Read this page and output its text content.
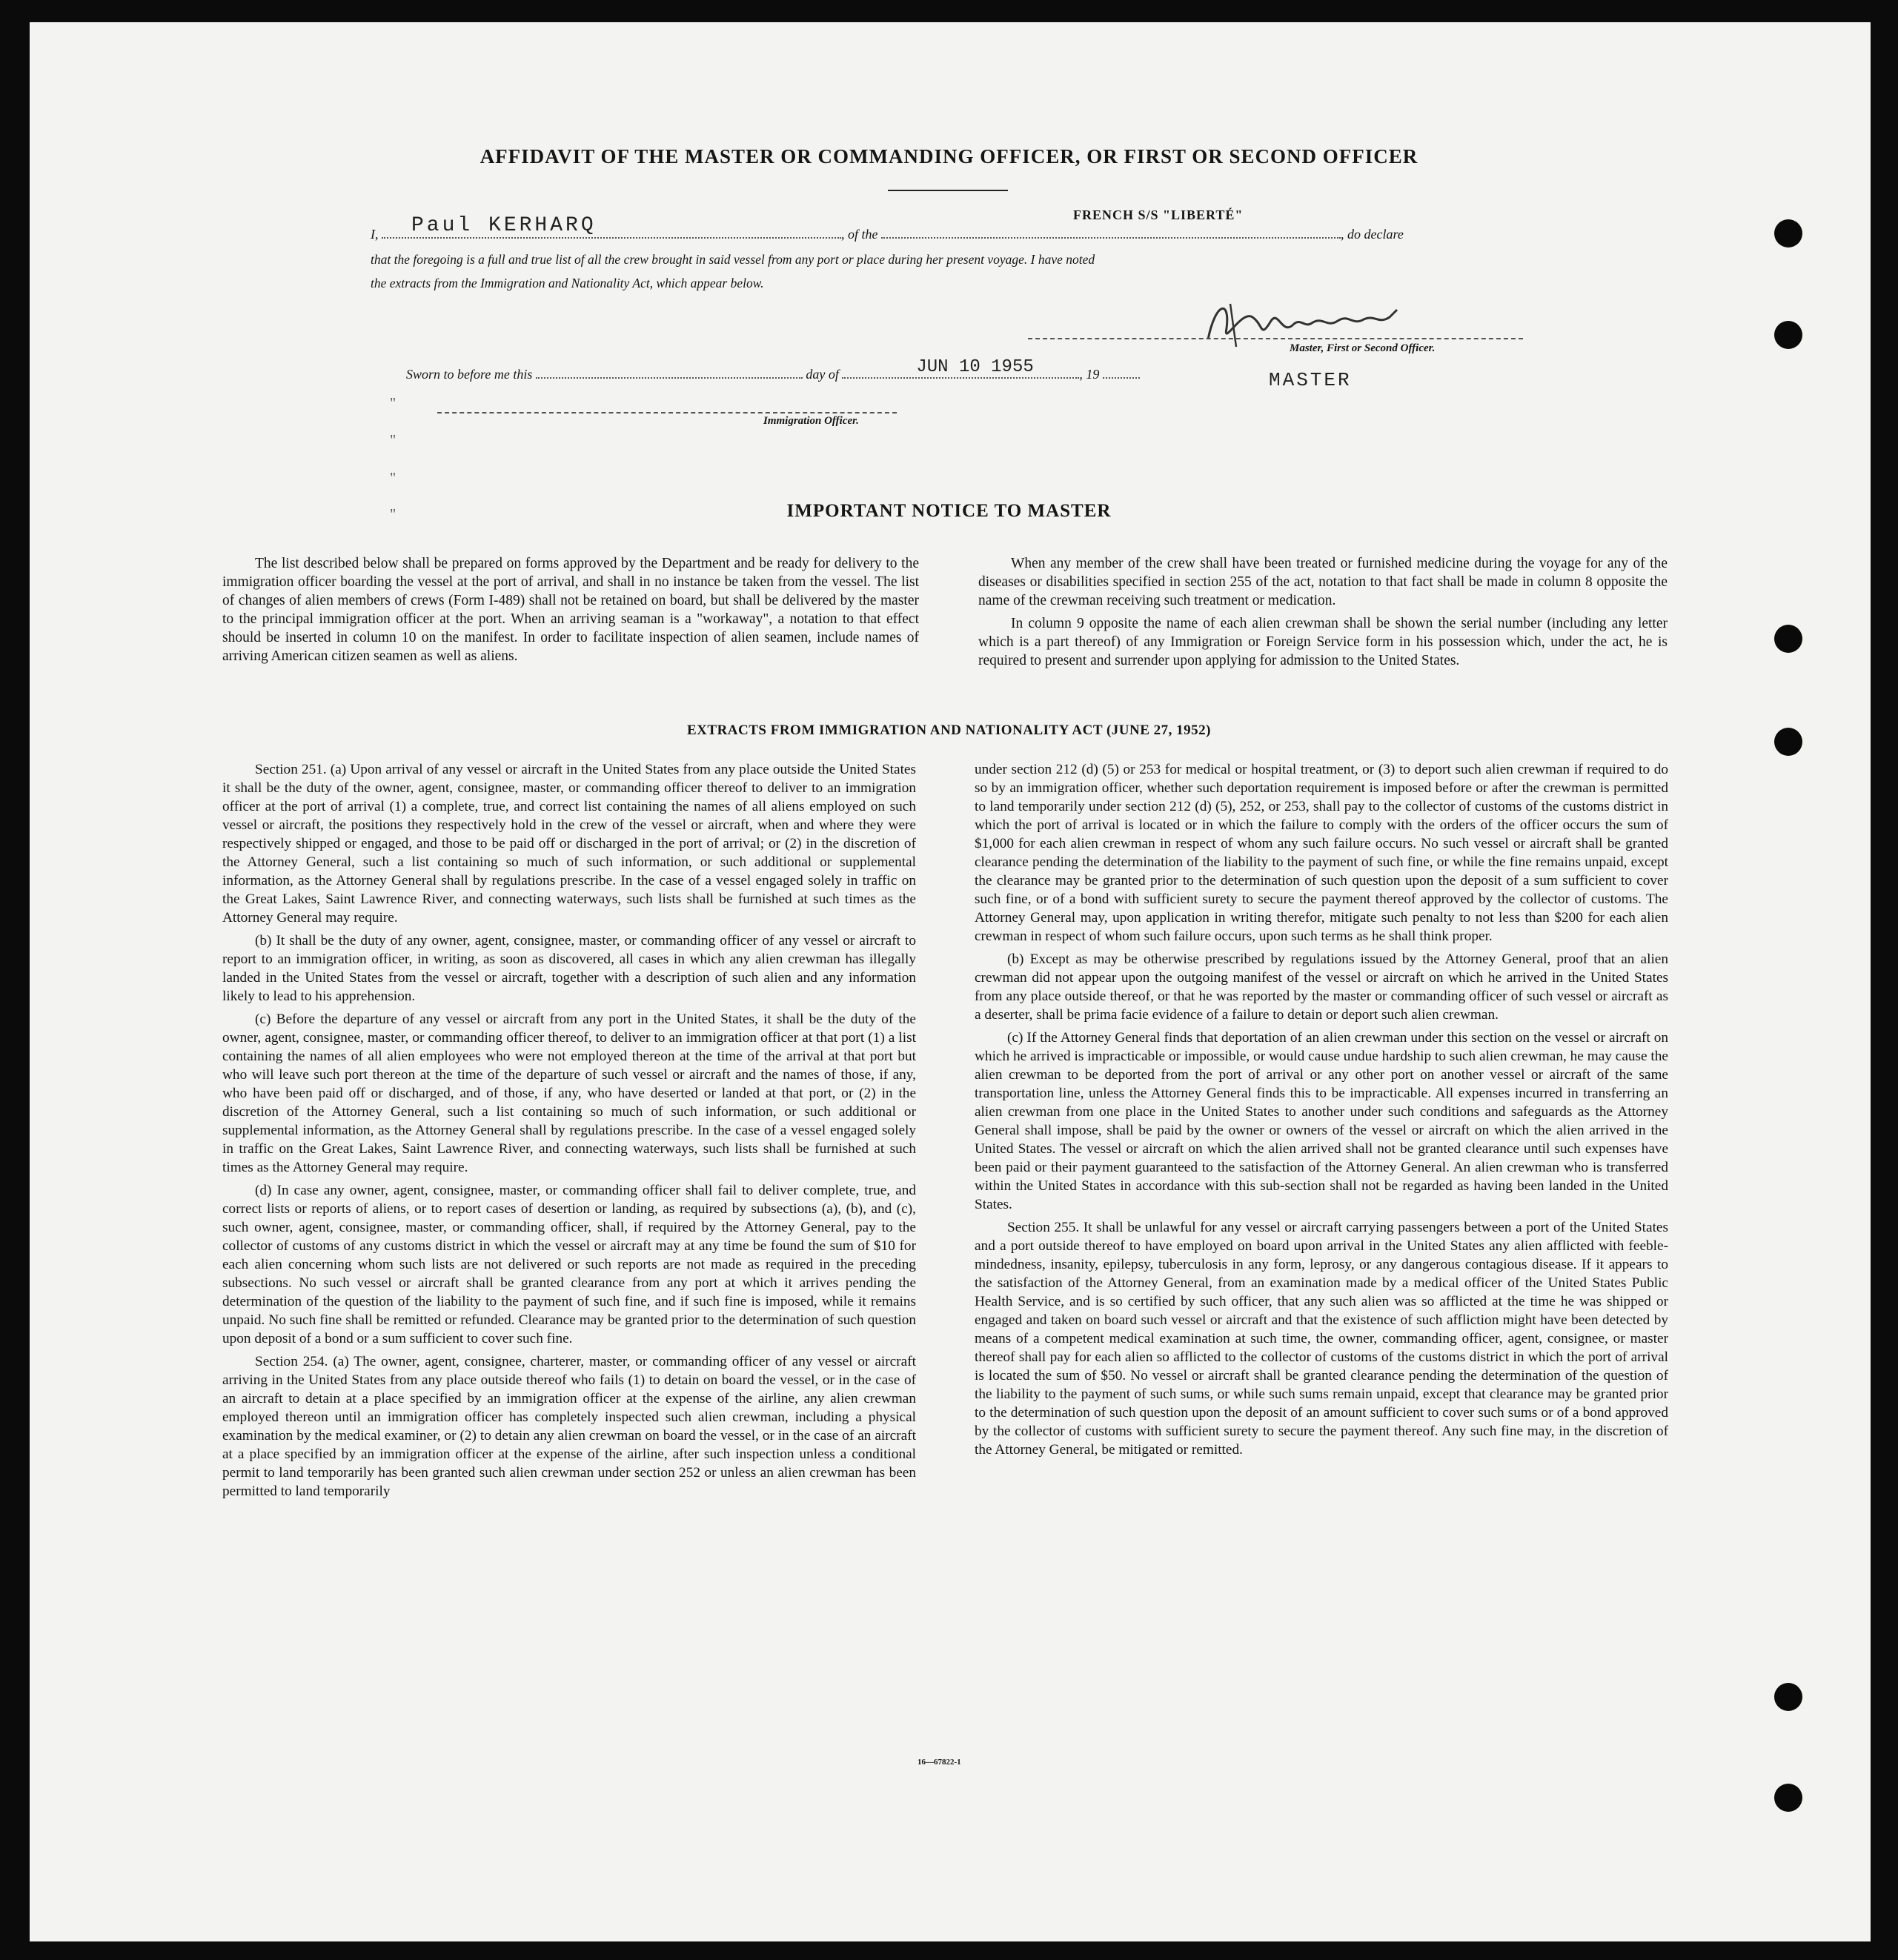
AFFIDAVIT OF THE MASTER OR COMMANDING OFFICER, OR FIRST OR SECOND OFFICER
I, Paul KERHARQ	, of the	, do declare
FRENCH S/S "LIBERTÉ"
that the foregoing is a full and true list of all the crew brought in said vessel from any port or place during her present voyage. I have noted
the extracts from the Immigration and Nationality Act, which appear below.
Master, First or Second Officer.
Sworn to before me this	day of	JUN 10 1955	, 19	MASTER
"
Immigration Officer.
"
"
"	IMPORTANT NOTICE TO MASTER

The list described below shall be prepared on forms approved by the Department and be ready for delivery to the immigration officer boarding the vessel at the port of arrival, and shall in no instance be taken from the vessel. The list of changes of alien members of crews (Form I-489) shall not be retained on board, but shall be delivered by the master to the principal immigration officer at the port. When an arriving seaman is a "workaway", a notation to that effect should be inserted in column 10 on the manifest. In order to facilitate inspection of alien seamen, include names of arriving American citizen seamen as well as aliens.

When any member of the crew shall have been treated or furnished medicine during the voyage for any of the diseases or disabilities specified in section 255 of the act, notation to that fact shall be made in column 8 opposite the name of the crewman receiving such treatment or medication.

In column 9 opposite the name of each alien crewman shall be shown the serial number (including any letter which is a part thereof) of any Immigration or Foreign Service form in his possession which, under the act, he is required to present and surrender upon applying for admission to the United States.

EXTRACTS FROM IMMIGRATION AND NATIONALITY ACT (JUNE 27, 1952)

Section 251. (a) Upon arrival of any vessel or aircraft in the United States from any place outside the United States it shall be the duty of the owner, agent, consignee, master, or commanding officer thereof to deliver to an immigration officer at the port of arrival (1) a complete, true, and correct list containing the names of all aliens employed on such vessel or aircraft, the positions they respectively hold in the crew of the vessel or aircraft, when and where they were respectively shipped or engaged, and those to be paid off or discharged in the port of arrival; or (2) in the discretion of the Attorney General, such a list containing so much of such information, or such additional or supplemental information, as the Attorney General shall by regulations prescribe. In the case of a vessel engaged solely in traffic on the Great Lakes, Saint Lawrence River, and connecting waterways, such lists shall be furnished at such times as the Attorney General may require.

(b) It shall be the duty of any owner, agent, consignee, master, or commanding officer of any vessel or aircraft to report to an immigration officer, in writing, as soon as discovered, all cases in which any alien crewman has illegally landed in the United States from the vessel or aircraft, together with a description of such alien and any information likely to lead to his apprehension.

(c) Before the departure of any vessel or aircraft from any port in the United States, it shall be the duty of the owner, agent, consignee, master, or commanding officer thereof, to deliver to an immigration officer at that port (1) a list containing the names of all alien employees who were not employed thereon at the time of the arrival at that port but who will leave such port thereon at the time of the departure of such vessel or aircraft and the names of those, if any, who have been paid off or discharged, and of those, if any, who have deserted or landed at that port, or (2) in the discretion of the Attorney General, such a list containing so much of such information, or such additional or supplemental information, as the Attorney General shall by regulations prescribe. In the case of a vessel engaged solely in traffic on the Great Lakes, Saint Lawrence River, and connecting waterways, such lists shall be furnished at such times as the Attorney General may require.

(d) In case any owner, agent, consignee, master, or commanding officer shall fail to deliver complete, true, and correct lists or reports of aliens, or to report cases of desertion or landing, as required by subsections (a), (b), and (c), such owner, agent, consignee, master, or commanding officer, shall, if required by the Attorney General, pay to the collector of customs of any customs district in which the vessel or aircraft may at any time be found the sum of $10 for each alien concerning whom such lists are not delivered or such reports are not made as required in the preceding subsections. No such vessel or aircraft shall be granted clearance from any port at which it arrives pending the determination of the question of the liability to the payment of such fine, and if such fine is imposed, while it remains unpaid. No such fine shall be remitted or refunded. Clearance may be granted prior to the determination of such question upon deposit of a bond or a sum sufficient to cover such fine.

Section 254. (a) The owner, agent, consignee, charterer, master, or commanding officer of any vessel or aircraft arriving in the United States from any place outside thereof who fails (1) to detain on board the vessel, or in the case of an aircraft to detain at a place specified by an immigration officer at the expense of the airline, any alien crewman employed thereon until an immigration officer has completely inspected such alien crewman, including a physical examination by the medical examiner, or (2) to detain any alien crewman on board the vessel, or in the case of an aircraft at a place specified by an immigration officer at the expense of the airline, after such inspection unless a conditional permit to land temporarily has been granted such alien crewman under section 252 or unless an alien crewman has been permitted to land temporarily

under section 212 (d) (5) or 253 for medical or hospital treatment, or (3) to deport such alien crewman if required to do so by an immigration officer, whether such deportation requirement is imposed before or after the crewman is permitted to land temporarily under section 212 (d) (5), 252, or 253, shall pay to the collector of customs of the customs district in which the port of arrival is located or in which the failure to comply with the orders of the officer occurs the sum of $1,000 for each alien crewman in respect of whom any such failure occurs. No such vessel or aircraft shall be granted clearance pending the determination of the liability to the payment of such fine, or while the fine remains unpaid, except the clearance may be granted prior to the determination of such question upon the deposit of a sum sufficient to cover such fine, or of a bond with sufficient surety to secure the payment thereof approved by the collector of customs. The Attorney General may, upon application in writing therefor, mitigate such penalty to not less than $200 for each alien crewman in respect of whom such failure occurs, upon such terms as he shall think proper.

(b) Except as may be otherwise prescribed by regulations issued by the Attorney General, proof that an alien crewman did not appear upon the outgoing manifest of the vessel or aircraft on which he arrived in the United States from any place outside thereof, or that he was reported by the master or commanding officer of such vessel or aircraft as a deserter, shall be prima facie evidence of a failure to detain or deport such alien crewman.

(c) If the Attorney General finds that deportation of an alien crewman under this section on the vessel or aircraft on which he arrived is impracticable or impossible, or would cause undue hardship to such alien crewman, he may cause the alien crewman to be deported from the port of arrival or any other port on another vessel or aircraft of the same transportation line, unless the Attorney General finds this to be impracticable. All expenses incurred in transferring an alien crewman from one place in the United States to another under such conditions and safeguards as the Attorney General shall impose, shall be paid by the owner or owners of the vessel or aircraft on which the alien arrived in the United States. The vessel or aircraft on which the alien arrived shall not be granted clearance until such expenses have been paid or their payment guaranteed to the satisfaction of the Attorney General. An alien crewman who is transferred within the United States in accordance with this sub-section shall not be regarded as having been landed in the United States.

Section 255. It shall be unlawful for any vessel or aircraft carrying passengers between a port of the United States and a port outside thereof to have employed on board upon arrival in the United States any alien afflicted with feeble-mindedness, insanity, epilepsy, tuberculosis in any form, leprosy, or any dangerous contagious disease. If it appears to the satisfaction of the Attorney General, from an examination made by a medical officer of the United States Public Health Service, and is so certified by such officer, that any such alien was so afflicted at the time he was shipped or engaged and taken on board such vessel or aircraft and that the existence of such affliction might have been detected by means of a competent medical examination at such time, the owner, commanding officer, agent, consignee, or master thereof shall pay for each alien so afflicted to the collector of customs of the customs district in which the port of arrival is located the sum of $50. No vessel or aircraft shall be granted clearance pending the determination of the question of the liability to the payment of such sums, or while such sums remain unpaid, except that clearance may be granted prior to the determination of such question upon the deposit of an amount sufficient to cover such sums or of a bond approved by the collector of customs with sufficient surety to secure the payment thereof. Any such fine may, in the discretion of the Attorney General, be mitigated or remitted.

16—67822-1
